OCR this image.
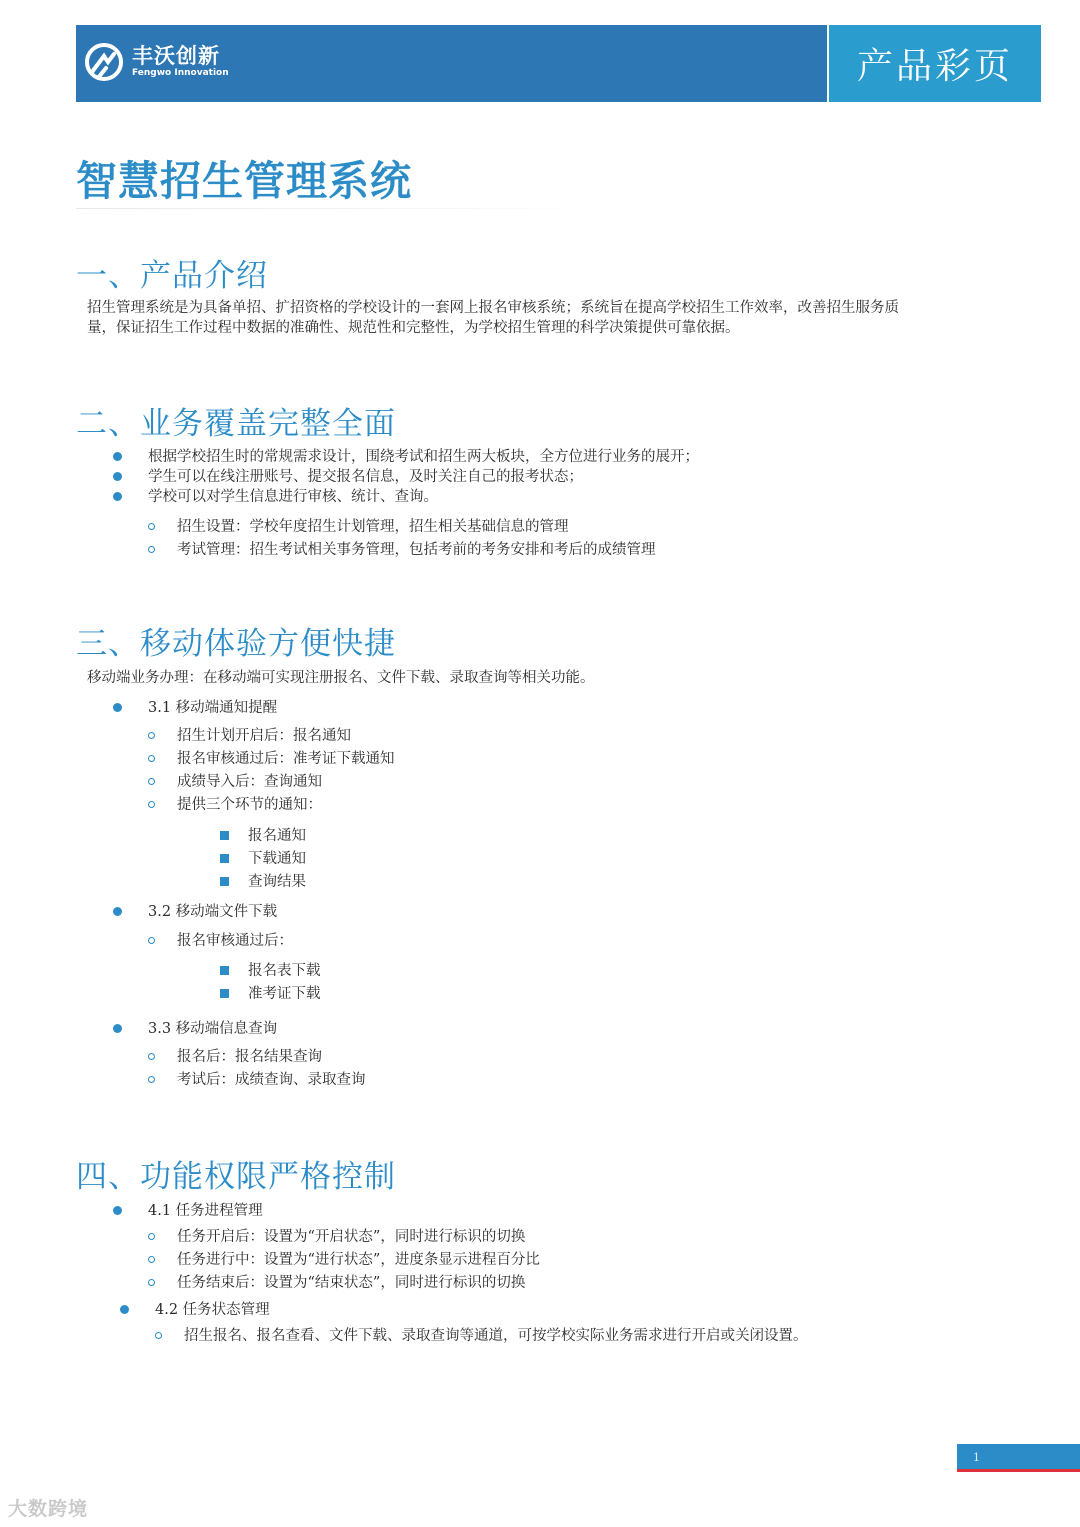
丰沃创新
Fengwo Innovation	产品彩页
智慧招生管理系统
一、产品介绍
招生管理系统是为具备单招、扩招资格的学校设计的一套网上报名审核系统；系统旨在提高学校招生工作效率，改善招生服务质
量，保证招生工作过程中数据的准确性、规范性和完整性，为学校招生管理的科学决策提供可靠依据。
二、业务覆盖完整全面
根据学校招生时的常规需求设计，围绕考试和招生两大板块，全方位进行业务的展开；
学生可以在线注册账号、提交报名信息，及时关注自己的报考状态；
学校可以对学生信息进行审核、统计、查询。
招生设置：学校年度招生计划管理，招生相关基础信息的管理
考试管理：招生考试相关事务管理，包括考前的考务安排和考后的成绩管理
三、移动体验方便快捷
移动端业务办理：在移动端可实现注册报名、文件下载、录取查询等相关功能。
3.1 移动端通知提醒
招生计划开启后：报名通知
报名审核通过后：准考证下载通知
成绩导入后：查询通知
提供三个环节的通知：
报名通知
下载通知
查询结果
3.2 移动端文件下载
报名审核通过后：
报名表下载
准考证下载
3.3 移动端信息查询
报名后：报名结果查询
考试后：成绩查询、录取查询
四、功能权限严格控制
4.1 任务进程管理
任务开启后：设置为“开启状态”，同时进行标识的切换
任务进行中：设置为“进行状态”，进度条显示进程百分比
任务结束后：设置为“结束状态”，同时进行标识的切换
4.2 任务状态管理
招生报名、报名查看、文件下载、录取查询等通道，可按学校实际业务需求进行开启或关闭设置。
1
大数跨境
